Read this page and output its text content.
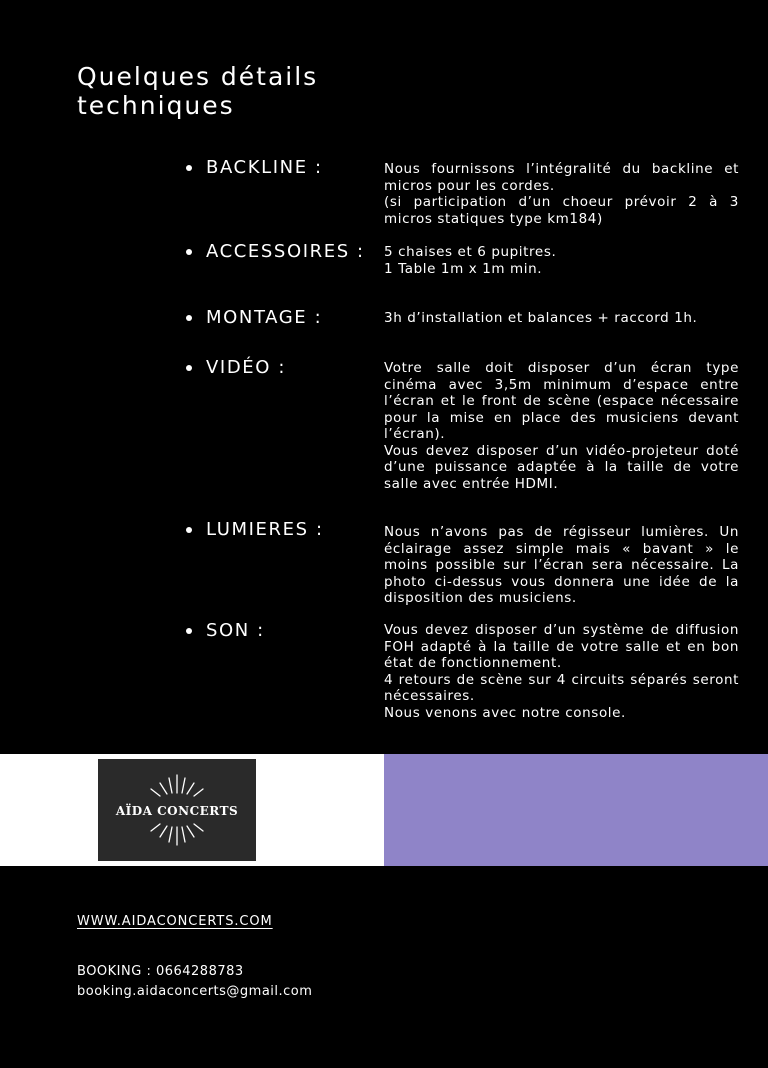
Quelques détails
techniques
BACKLINE :	Nous fournissons l’intégralité du backline et micros pour les cordes.

(si participation d’un choeur prévoir 2 à 3 micros statiques type km184)

ACCESSOIRES : 5 chaises et 6 pupitres.

1 Table 1m x 1m min.

MONTAGE :	3h d’installation et balances + raccord 1h.

VIDÉO :	Votre salle doit disposer d’un écran type cinéma avec 3,5m minimum d’espace entre l’écran et le front de scène (espace nécessaire pour la mise en place des musiciens devant l’écran).

Vous devez disposer d’un vidéo-projeteur doté d’une puissance adaptée à la taille de votre salle avec entrée HDMI.

LUMIERES :	Nous n’avons pas de régisseur lumières. Un éclairage assez simple mais « bavant » le moins possible sur l’écran sera nécessaire. La photo ci-dessus vous donnera une idée de la disposition des musiciens.

SON :	Vous devez disposer d’un système de diffusion FOH adapté à la taille de votre salle et en bon état de fonctionnement.

4 retours de scène sur 4 circuits séparés seront nécessaires.

Nous venons avec notre console.

AÏDA CONCERTS
WWW.AIDACONCERTS.COM
BOOKING : 0664288783
booking.aidaconcerts@gmail.com
